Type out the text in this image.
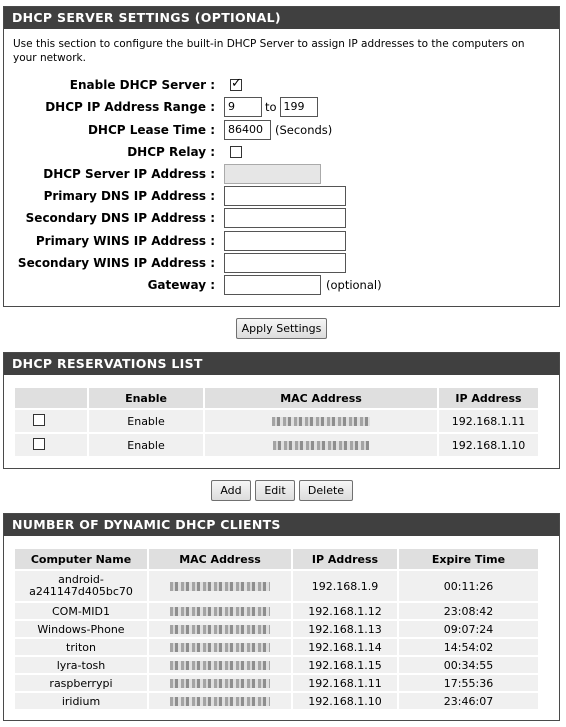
DHCP SERVER SETTINGS (OPTIONAL)
Use this section to configure the built-in DHCP Server to assign IP addresses to the computers on your network.
Enable DHCP Server :
✓
DHCP IP Address Range :	9	to 199
DHCP Lease Time :	86400	(Seconds)
DHCP Relay :
DHCP Server IP Address :
Primary DNS IP Address :
Secondary DNS IP Address :
Primary WINS IP Address :
Secondary WINS IP Address :
Gateway :	(optional)
Apply Settings
DHCP RESERVATIONS LIST
	Enable	MAC Address	IP Address
	Enable		192.168.1.11
	Enable		192.168.1.10
Add	Edit	Delete
NUMBER OF DYNAMIC DHCP CLIENTS
Computer Name	MAC Address	IP Address	Expire Time
android-a241147d405bc70		192.168.1.9	00:11:26
COM-MID1		192.168.1.12	23:08:42
Windows-Phone		192.168.1.13	09:07:24
triton		192.168.1.14	14:54:02
lyra-tosh		192.168.1.15	00:34:55
raspberrypi		192.168.1.11	17:55:36
iridium		192.168.1.10	23:46:07
